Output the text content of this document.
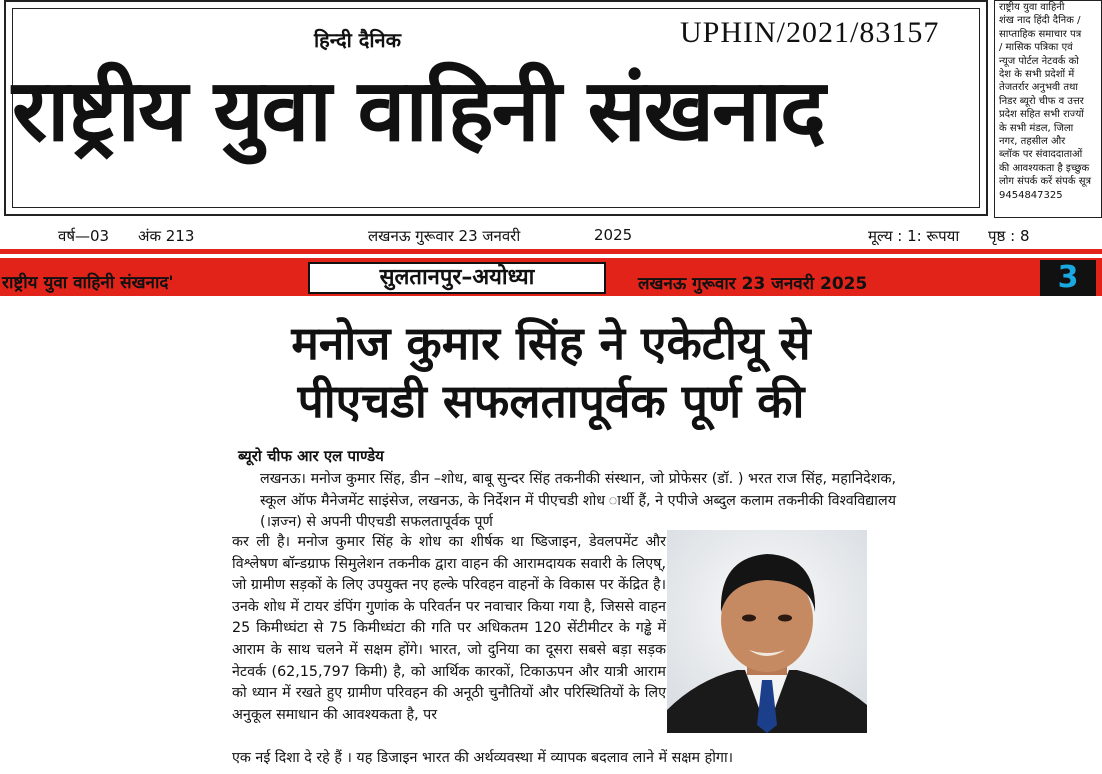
हिन्दी दैनिक	UPHIN/2021/83157
राष्ट्रीय युवा वाहिनी संखनाद
राष्ट्रीय युवा वाहिनी
शंख नाद हिंदी दैनिक /
साप्ताहिक समाचार पत्र
/ मासिक पत्रिका एवं
न्यूज पोर्टल नेटवर्क को
देश के सभी प्रदेशों में
तेजतर्रार अनुभवी तथा
निडर ब्यूरो चीफ व उत्तर
प्रदेश सहित सभी राज्यों
के सभी मंडल, जिला
नगर, तहसील और
ब्लॉक पर संवाददाताओं
की आवश्यकता है इच्छुक
लोग संपर्क करें संपर्क सूत्र
9454847325
वर्ष—03 अंक 213	लखनऊ गुरूवार 23 जनवरी	2025	मूल्य : 1: रूपया पृष्ठ : 8
राष्ट्रीय युवा वाहिनी संखनाद'	सुलतानपुर–अयोध्या	लखनऊ गुरूवार 23 जनवरी 2025	3
मनोज कुमार सिंह ने एकेटीयू से
पीएचडी सफलतापूर्वक पूर्ण की
ब्यूरो चीफ आर एल पाण्डेय
लखनऊ। मनोज कुमार सिंह, डीन –शोध, बाबू सुन्दर सिंह तकनीकी संस्थान, जो प्रोफेसर (डॉ. ) भरत राज सिंह, महानिदेशक, स्कूल ऑफ मैनेजमेंट साइंसेज, लखनऊ, के निर्देशन में पीएचडी शोध ार्थी हैं, ने एपीजे अब्दुल कलाम तकनीकी विश्वविद्यालय (।ज्ञज्न) से अपनी पीएचडी सफलतापूर्वक पूर्ण
कर ली है। मनोज कुमार सिंह के शोध का शीर्षक था ष्डिजाइन, डेवलपमेंट और विश्लेषण बॉन्डग्राफ सिमुलेशन तकनीक द्वारा वाहन की आरामदायक सवारी के लिएष्, जो ग्रामीण सड़कों के लिए उपयुक्त नए हल्के परिवहन वाहनों के विकास पर केंद्रित है। उनके शोध में टायर डंपिंग गुणांक के परिवर्तन पर नवाचार किया गया है, जिससे वाहन 25 किमीध्घंटा से 75 किमीध्घंटा की गति पर अधिकतम 120 सेंटीमीटर के गड्ढे में आराम के साथ चलने में सक्षम होंगे। भारत, जो दुनिया का दूसरा सबसे बड़ा सड़क नेटवर्क (62,15,797 किमी) है, को आर्थिक कारकों, टिकाऊपन और यात्री आराम को ध्यान में रखते हुए ग्रामीण परिवहन की अनूठी चुनौतियों और परिस्थितियों के लिए अनुकूल समाधान की आवश्यकता है, पर
एक नई दिशा दे रहे हैं । यह डिजाइन भारत की अर्थव्यवस्था में व्यापक बदलाव लाने में सक्षम होगा।
